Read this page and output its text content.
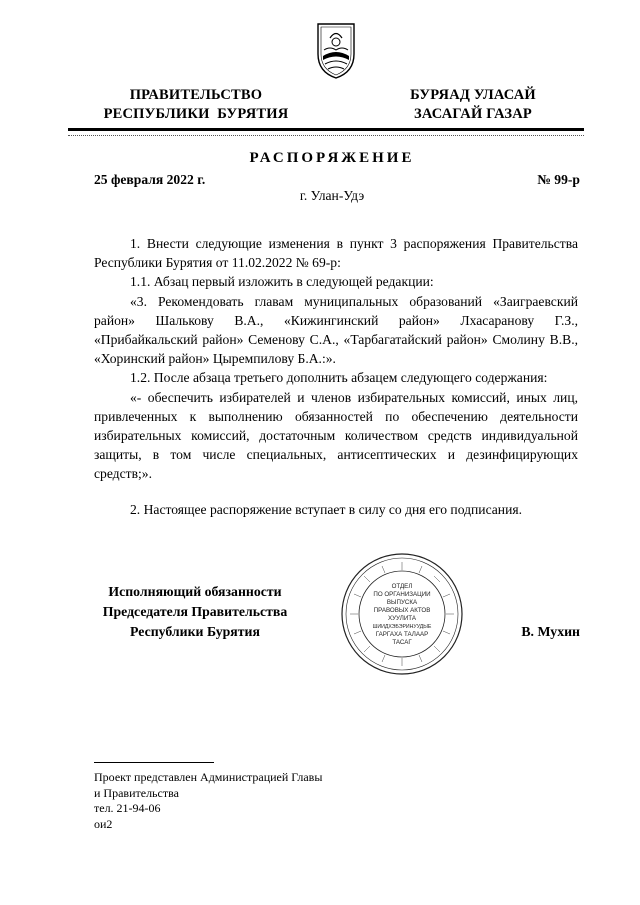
ПРАВИТЕЛЬСТВО
РЕСПУБЛИКИ  БУРЯТИЯ
БУРЯАД УЛАСАЙ
ЗАСАГАЙ ГАЗАР
РАСПОРЯЖЕНИЕ
25 февраля 2022 г.	№ 99-р
г. Улан-Удэ

1. Внести следующие изменения в пункт 3 распоряжения Правительства Республики Бурятия от 11.02.2022 № 69-р:

1.1. Абзац первый изложить в следующей редакции:

«3. Рекомендовать главам муниципальных образований «Заиграевский район» Шалькову В.А., «Кижингинский район» Лхасаранову Г.З., «Прибайкальский район» Семенову С.А., «Тарбагатайский район» Смолину В.В., «Хоринский район» Цыремпилову Б.А.:».

1.2. После абзаца третьего дополнить абзацем следующего содержания:

«- обеспечить избирателей и членов избирательных комиссий, иных лиц, привлеченных к выполнению обязанностей по обеспечению деятельности избирательных комиссий, достаточным количеством средств индивидуальной защиты, в том числе специальных, антисептических и дезинфицирующих средств;».

2. Настоящее распоряжение вступает в силу со дня его подписания.

Исполняющий обязанности
Председателя Правительства
Республики Бурятия	В. Мухин
ОТДЕЛ
ПО ОРГАНИЗАЦИИ
ВЫПУСКА
ПРАВОВЫХ АКТОВ
ХУУЛИТА
ШИИДХЭБЭРИНУУДЫЕ
ГАРГАХА ТАЛААР
ТАСАГ
Проект представлен Администрацией Главы
и Правительства
тел. 21-94-06
ои2
